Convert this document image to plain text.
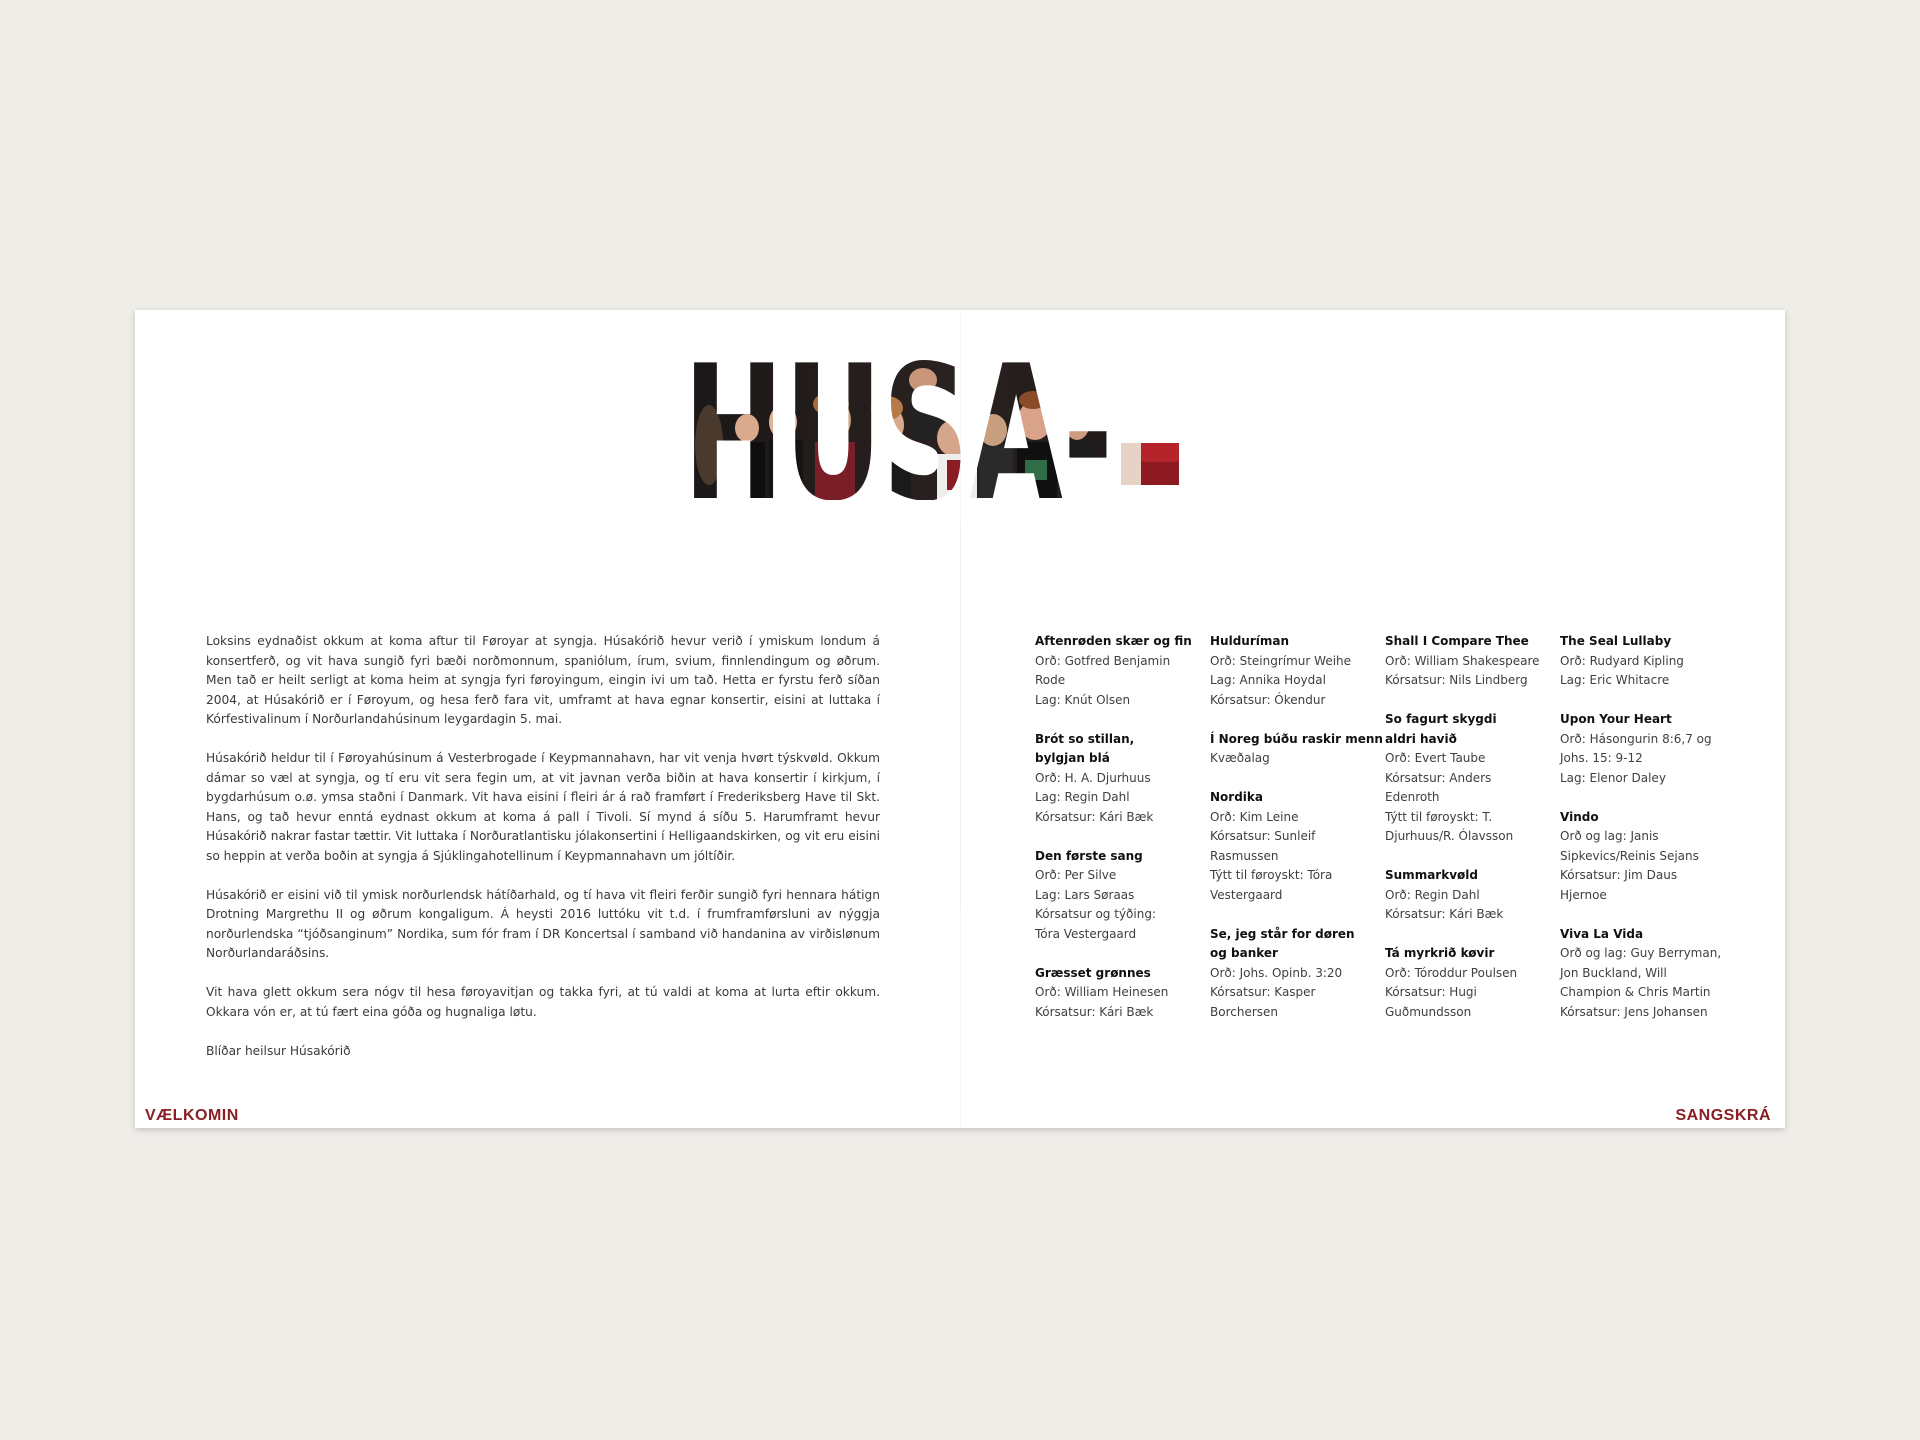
Loksins eydnaðist okkum at koma aftur til Føroyar at syngja. Húsakórið hevur verið í ymiskum londum á konsertferð, og vit hava sungið fyri bæði norðmonnum, spaniólum, írum, svium, finnlendingum og øðrum. Men tað er heilt serligt at koma heim at syngja fyri føroyingum, eingin ivi um tað. Hetta er fyrstu ferð síðan 2004, at Húsakórið er í Føroyum, og hesa ferð fara vit, umframt at hava egnar konsertir, eisini at luttaka í Kórfestivalinum í Norðurlandahúsinum leygardagin 5. mai.

Húsakórið heldur til í Føroyahúsinum á Vesterbrogade í Keypmannahavn, har vit venja hvørt týskvøld. Okkum dámar so væl at syngja, og tí eru vit sera fegin um, at vit javnan verða biðin at hava konsertir í kirkjum, í bygdarhúsum o.ø. ymsa staðni í Danmark. Vit hava eisini í fleiri ár á rað framført í Frederiksberg Have til Skt. Hans, og tað hevur enntá eydnast okkum at koma á pall í Tivoli. Sí mynd á síðu 5. Harumframt hevur Húsakórið nakrar fastar tættir. Vit luttaka í Norðuratlantisku jólakonsertini í Helligaandskirken, og vit eru eisini so heppin at verða boðin at syngja á Sjúklingahotellinum í Keypmannahavn um jóltíðir.

Húsakórið er eisini við til ymisk norðurlendsk hátíðarhald, og tí hava vit fleiri ferðir sungið fyri hennara hátign Drotning Margrethu II og øðrum kongaligum. Á heysti 2016 luttóku vit t.d. í frumframførsluni av nýggja norðurlendska “tjóðsanginum” Nordika, sum fór fram í DR Koncertsal í samband við handanina av virðislønum Norðurlandaráðsins.

Vit hava glett okkum sera nógv til hesa føroyavitjan og takka fyri, at tú valdi at koma at lurta eftir okkum. Okkara vón er, at tú fært eina góða og hugnaliga løtu.

Blíðar heilsur Húsakórið

Aftenrøden skær og fin
Orð: Gotfred Benjamin
Rode
Lag: Knút Olsen
Brót so stillan,
bylgjan blá
Orð: H. A. Djurhuus
Lag: Regin Dahl
Kórsatsur: Kári Bæk
Den første sang
Orð: Per Silve
Lag: Lars Søraas
Kórsatsur og týðing:
Tóra Vestergaard
Græsset grønnes
Orð: William Heinesen
Kórsatsur: Kári Bæk
Hulduríman
Orð: Steingrímur Weihe
Lag: Annika Hoydal
Kórsatsur: Ókendur
Í Noreg búðu raskir menn
Kvæðalag
Nordika
Orð: Kim Leine
Kórsatsur: Sunleif
Rasmussen
Týtt til føroyskt: Tóra
Vestergaard
Se, jeg står for døren
og banker
Orð: Johs. Opinb. 3:20
Kórsatsur: Kasper
Borchersen
Shall I Compare Thee
Orð: William Shakespeare
Kórsatsur: Nils Lindberg
So fagurt skygdi
aldri havið
Orð: Evert Taube
Kórsatsur: Anders
Edenroth
Týtt til føroyskt: T.
Djurhuus/R. Ólavsson
Summarkvøld
Orð: Regin Dahl
Kórsatsur: Kári Bæk
Tá myrkrið køvir
Orð: Tóroddur Poulsen
Kórsatsur: Hugi
Guðmundsson
The Seal Lullaby
Orð: Rudyard Kipling
Lag: Eric Whitacre
Upon Your Heart
Orð: Hásongurin 8:6,7 og
Johs. 15: 9-12
Lag: Elenor Daley
Vindo
Orð og lag: Janis
Sipkevics/Reinis Sejans
Kórsatsur: Jim Daus
Hjernoe
Viva La Vida
Orð og lag: Guy Berryman,
Jon Buckland, Will
Champion & Chris Martin
Kórsatsur: Jens Johansen
VÆLKOMIN	SANGSKRÁ
